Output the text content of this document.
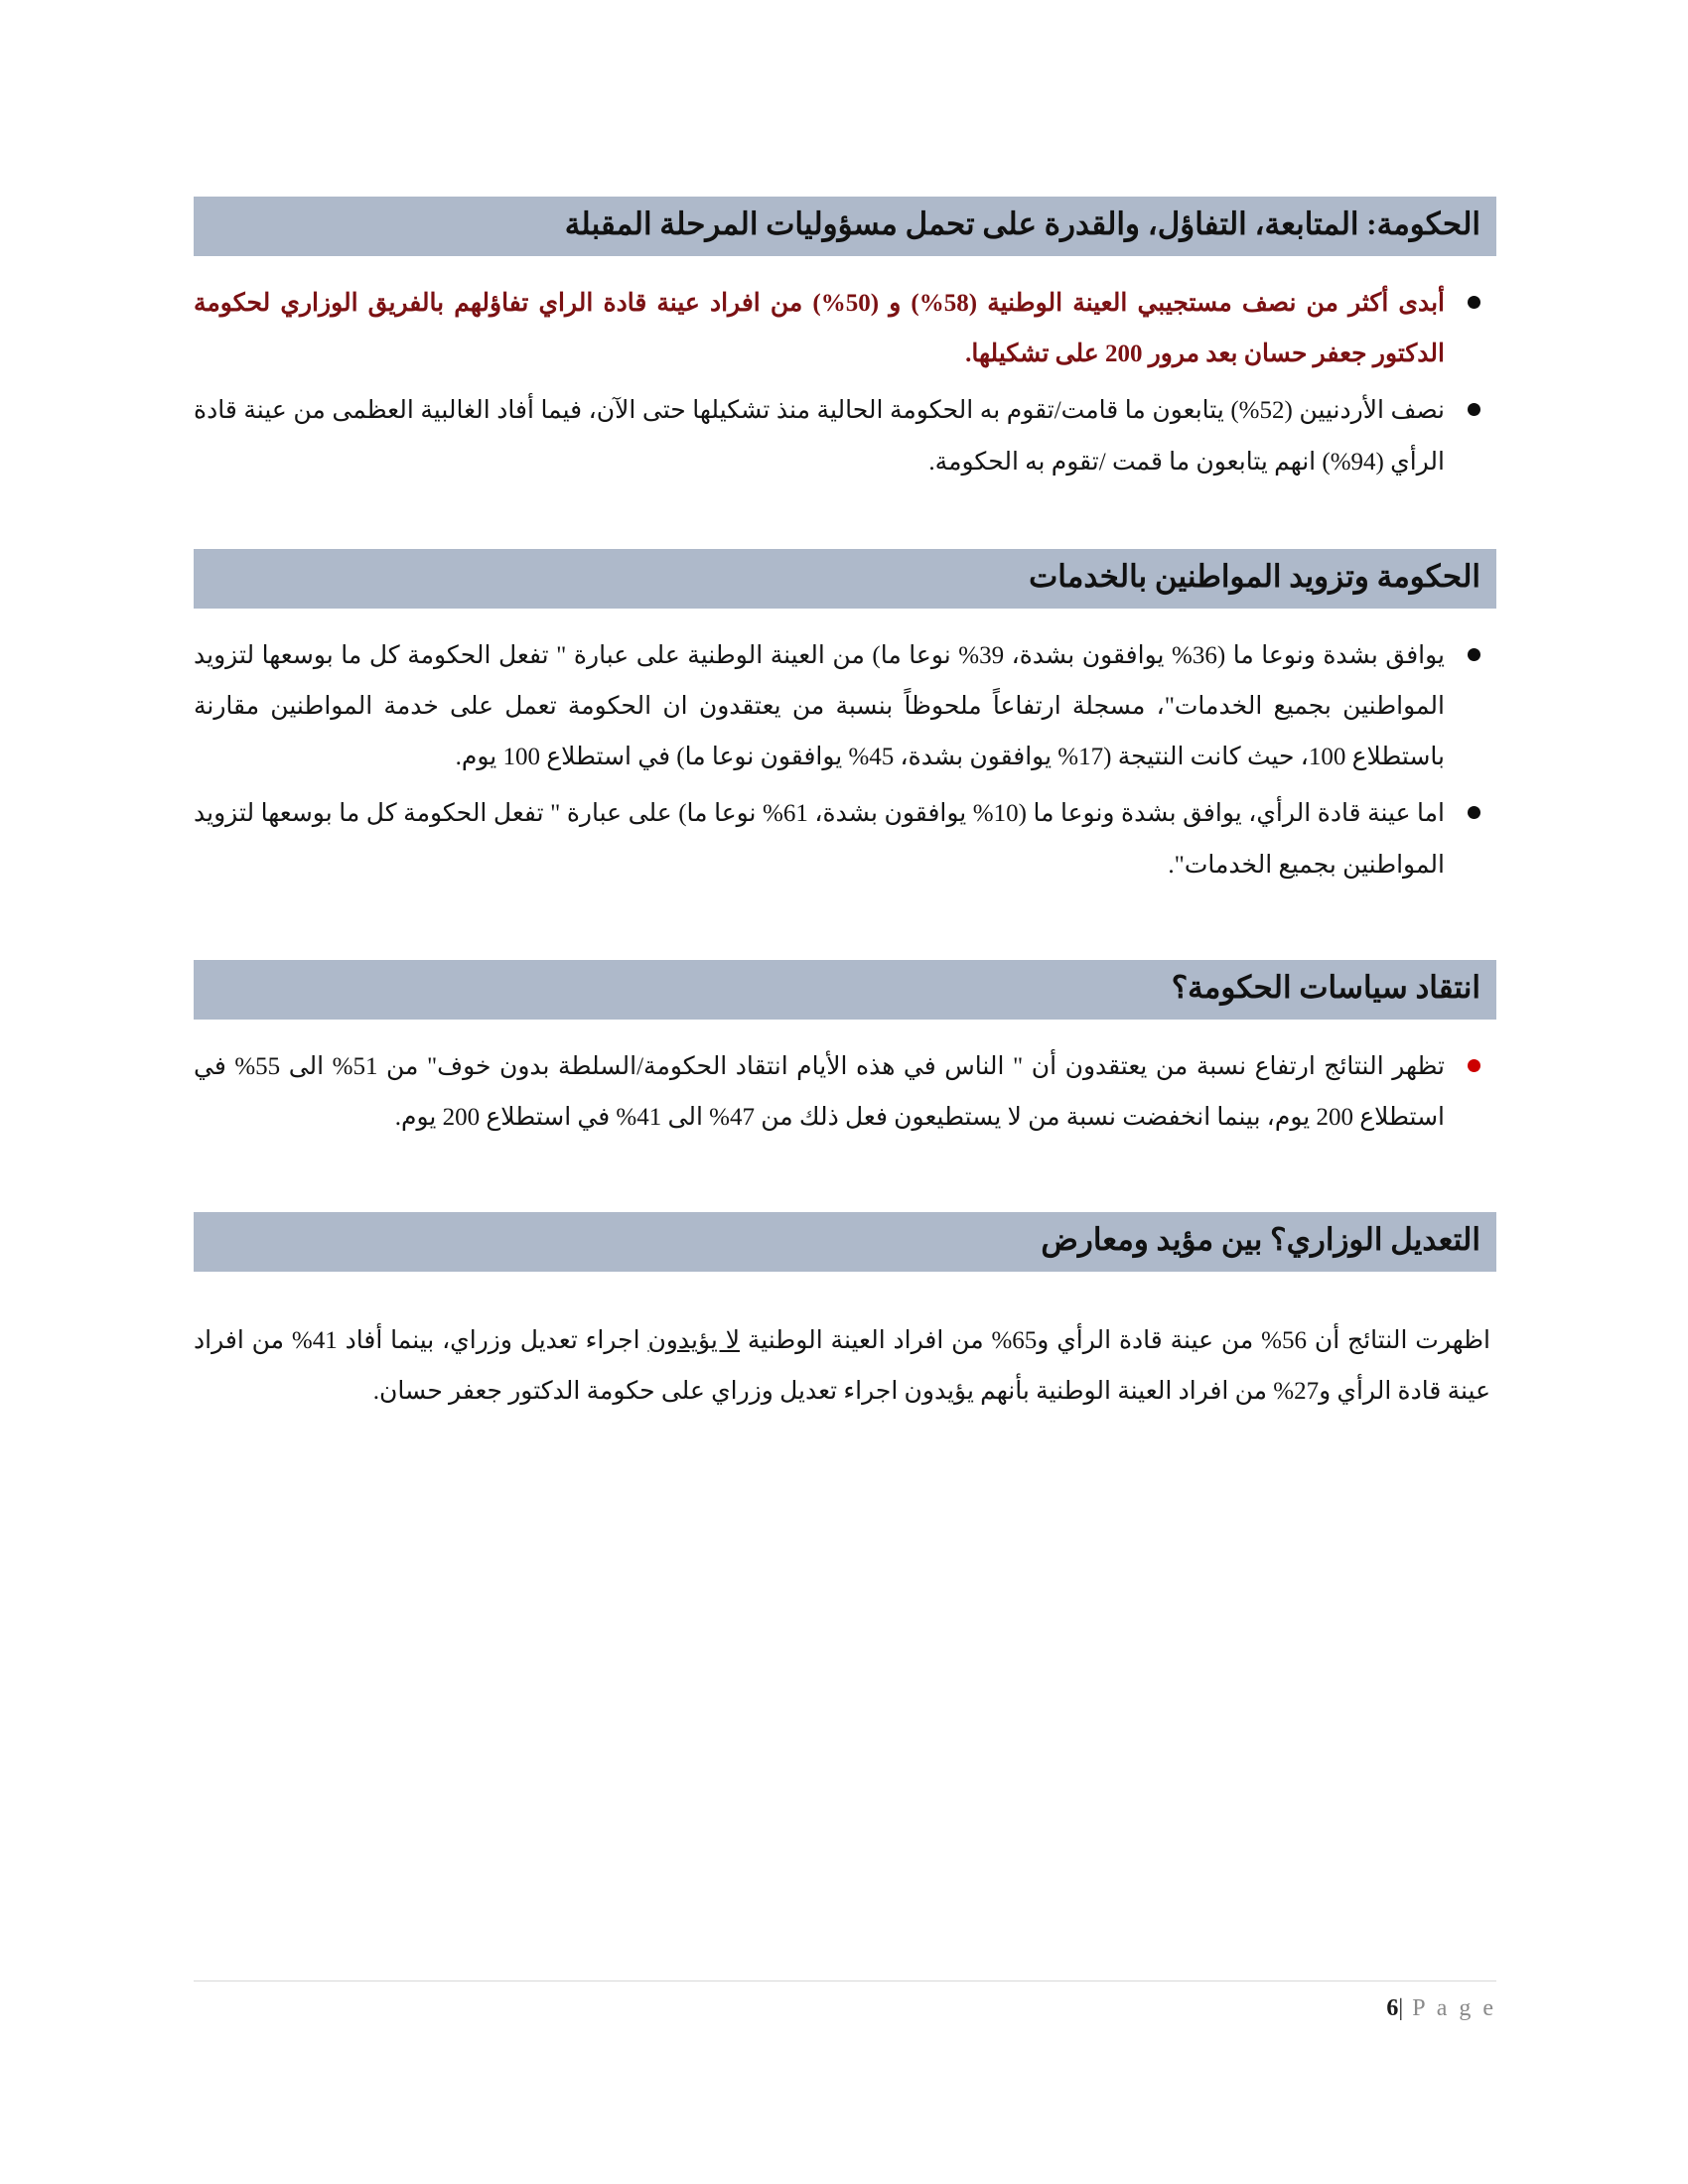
الحكومة: المتابعة، التفاؤل، والقدرة على تحمل مسؤوليات المرحلة المقبلة

أبدى أكثر من نصف مستجيبي العينة الوطنية (58%) و (50%) من افراد عينة قادة الراي تفاؤلهم بالفريق الوزاري لحكومة الدكتور جعفر حسان بعد مرور 200 على تشكيلها.

نصف الأردنيين (52%) يتابعون ما قامت/تقوم به الحكومة الحالية منذ تشكيلها حتى الآن، فيما أفاد الغالبية العظمى من عينة قادة الرأي (94%) انهم يتابعون ما قمت /تقوم به الحكومة.

الحكومة وتزويد المواطنين بالخدمات

يوافق بشدة ونوعا ما (36% يوافقون بشدة، 39% نوعا ما) من العينة الوطنية على عبارة " تفعل الحكومة كل ما بوسعها لتزويد المواطنين بجميع الخدمات"، مسجلة ارتفاعاً ملحوظاً بنسبة من يعتقدون ان الحكومة تعمل على خدمة المواطنين مقارنة باستطلاع 100، حيث كانت النتيجة (17% يوافقون بشدة، 45% يوافقون نوعا ما) في استطلاع 100 يوم.

اما عينة قادة الرأي، يوافق بشدة ونوعا ما (10% يوافقون بشدة، 61% نوعا ما) على عبارة " تفعل الحكومة كل ما بوسعها لتزويد المواطنين بجميع الخدمات".

انتقاد سياسات الحكومة؟

تظهر النتائج ارتفاع نسبة من يعتقدون أن " الناس في هذه الأيام انتقاد الحكومة/السلطة بدون خوف" من 51% الى 55% في استطلاع 200 يوم، بينما انخفضت نسبة من لا يستطيعون فعل ذلك من 47% الى 41% في استطلاع 200 يوم.

التعديل الوزاري؟ بين مؤيد ومعارض

اظهرت النتائج أن 56% من عينة قادة الرأي و65% من افراد العينة الوطنية لا يؤيدون اجراء تعديل وزراي، بينما أفاد 41% من افراد عينة قادة الرأي و27% من افراد العينة الوطنية بأنهم يؤيدون اجراء تعديل وزراي على حكومة الدكتور جعفر حسان.

6| P a g e
